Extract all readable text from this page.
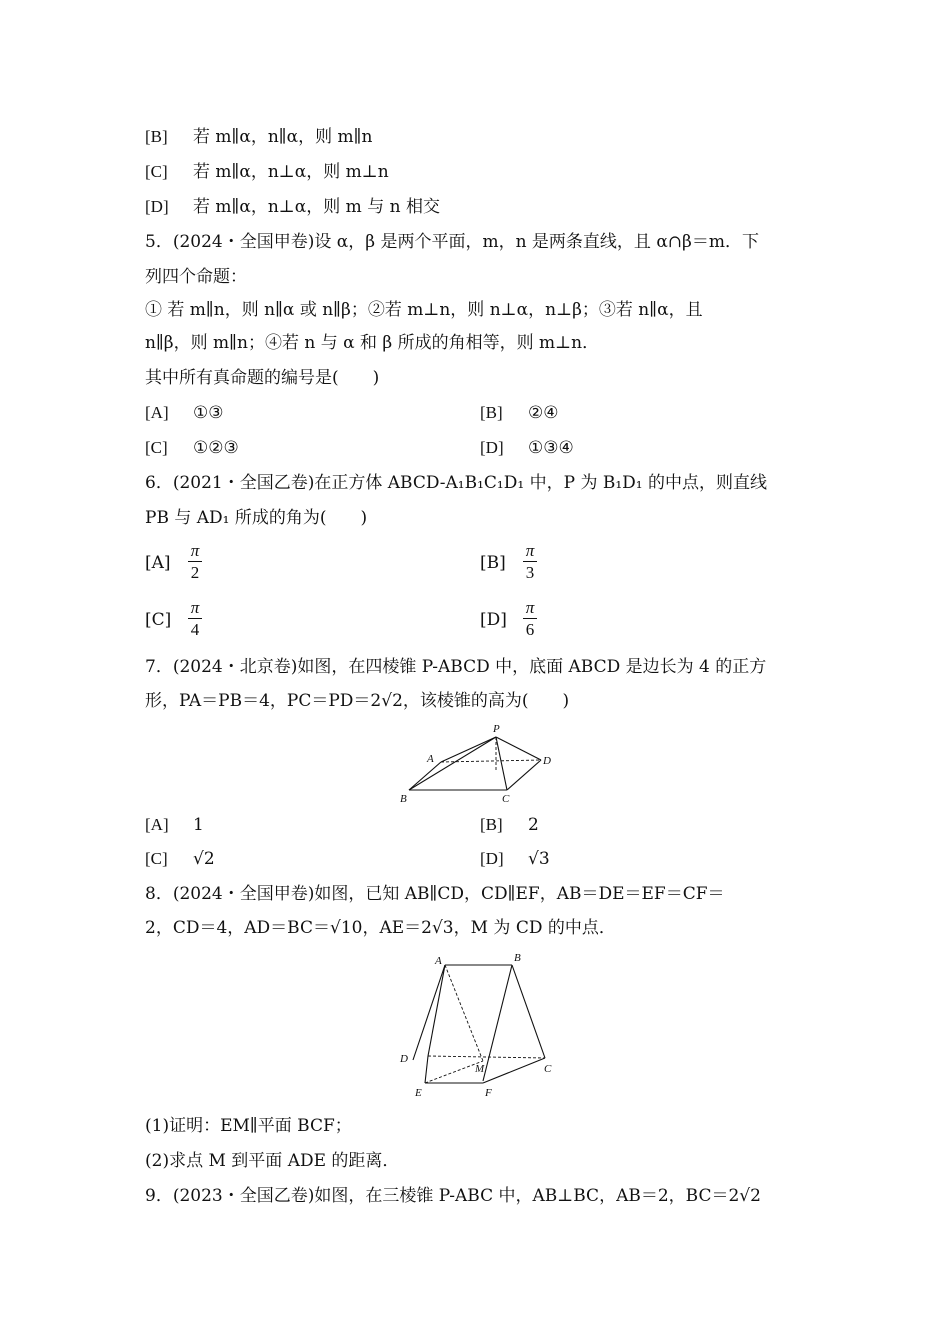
[B] 若 m∥α，n∥α，则 m∥n
[C] 若 m∥α，n⊥α，则 m⊥n
[D] 若 m∥α，n⊥α，则 m 与 n 相交
5．(2024・全国甲卷)设 α，β 是两个平面，m，n 是两条直线，且 α∩β＝m．下
列四个命题：
① 若 m∥n，则 n∥α 或 n∥β；②若 m⊥n，则 n⊥α，n⊥β；③若 n∥α，且
n∥β，则 m∥n；④若 n 与 α 和 β 所成的角相等，则 m⊥n．
其中所有真命题的编号是(　　)
[A] ①③	[B] ②④
[C] ①②③	[D] ①③④
6．(2021・全国乙卷)在正方体 ABCD-A₁B₁C₁D₁ 中，P 为 B₁D₁ 的中点，则直线
PB 与 AD₁ 所成的角为(　　)
[A]
π
2	[B]
π
3
[C]
π
4	[D]
π
6
7．(2024・北京卷)如图，在四棱锥 P-ABCD 中，底面 ABCD 是边长为 4 的正方
形，PA＝PB＝4，PC＝PD＝2√2，该棱锥的高为(　　)
P
A	D
B	C
[A] 1	[B] 2
[C] √2	[D] √3
8．(2024・全国甲卷)如图，已知 AB∥CD，CD∥EF，AB＝DE＝EF＝CF＝
2，CD＝4，AD＝BC＝√10，AE＝2√3，M 为 CD 的中点．
A	B
D
M	C
E	F
(1)证明：EM∥平面 BCF；
(2)求点 M 到平面 ADE 的距离．
9．(2023・全国乙卷)如图，在三棱锥 P-ABC 中，AB⊥BC，AB＝2，BC＝2√2
